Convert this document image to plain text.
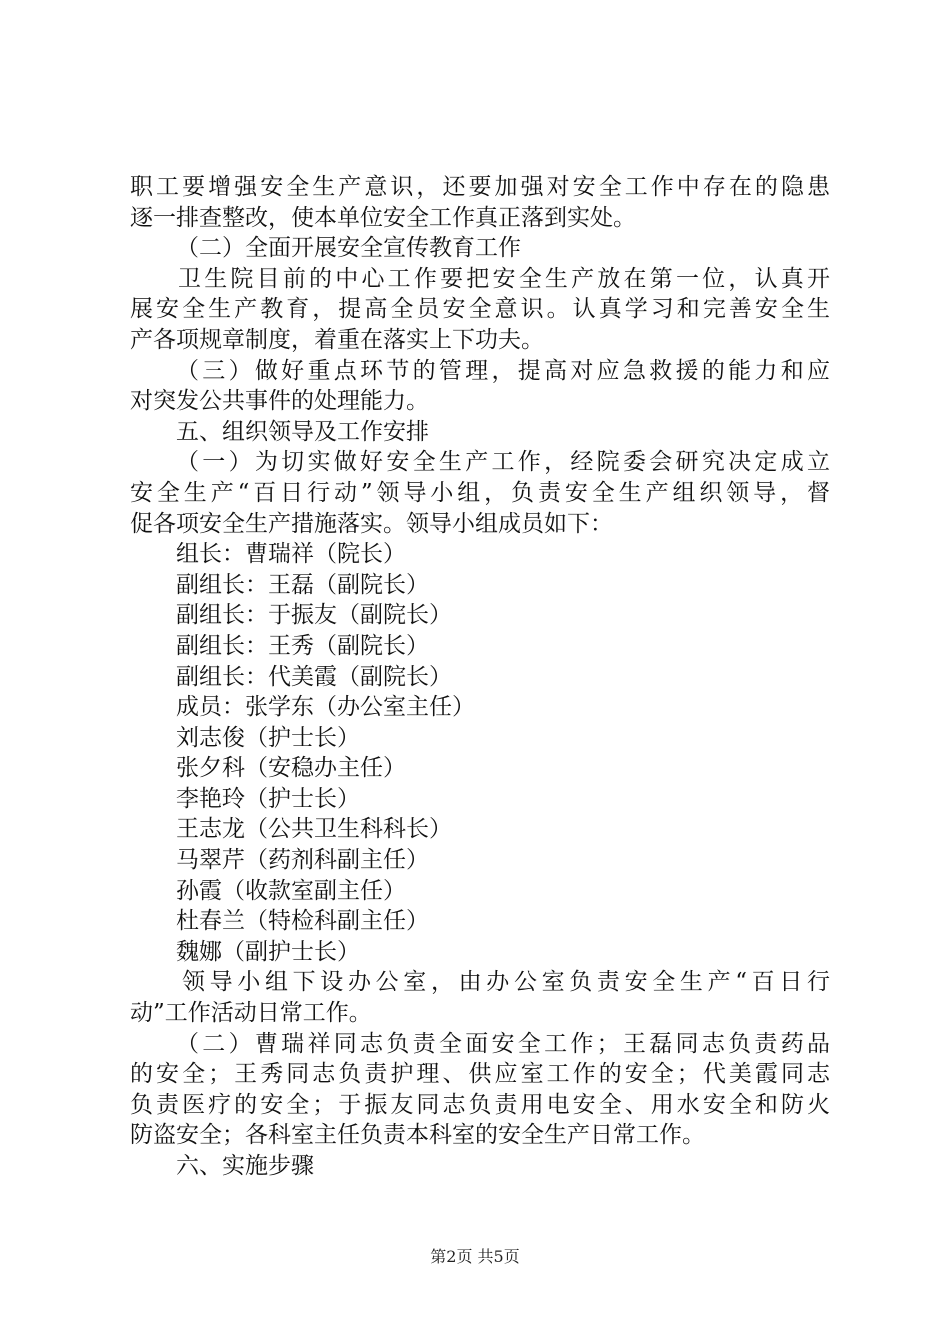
职工要增强安全生产意识，还要加强对安全工作中存在的隐患
逐一排查整改，使本单位安全工作真正落到实处。
（二）全面开展安全宣传教育工作
卫生院目前的中心工作要把安全生产放在第一位，认真开
展安全生产教育，提高全员安全意识。认真学习和完善安全生
产各项规章制度，着重在落实上下功夫。
（三）做好重点环节的管理，提高对应急救援的能力和应
对突发公共事件的处理能力。
五、组织领导及工作安排
（一）为切实做好安全生产工作，经院委会研究决定成立
安全生产“百日行动”领导小组，负责安全生产组织领导，督
促各项安全生产措施落实。领导小组成员如下：
组长：曹瑞祥（院长）
副组长：王磊（副院长）
副组长：于振友（副院长）
副组长：王秀（副院长）
副组长：代美霞（副院长）
成员：张学东（办公室主任）
刘志俊（护士长）
张夕科（安稳办主任）
李艳玲（护士长）
王志龙（公共卫生科科长）
马翠芹（药剂科副主任）
孙霞（收款室副主任）
杜春兰（特检科副主任）
魏娜（副护士长）
领导小组下设办公室，由办公室负责安全生产“百日行
动”工作活动日常工作。
（二）曹瑞祥同志负责全面安全工作；王磊同志负责药品
的安全；王秀同志负责护理、供应室工作的安全；代美霞同志
负责医疗的安全；于振友同志负责用电安全、用水安全和防火
防盗安全；各科室主任负责本科室的安全生产日常工作。
六、实施步骤
第2页 共5页
